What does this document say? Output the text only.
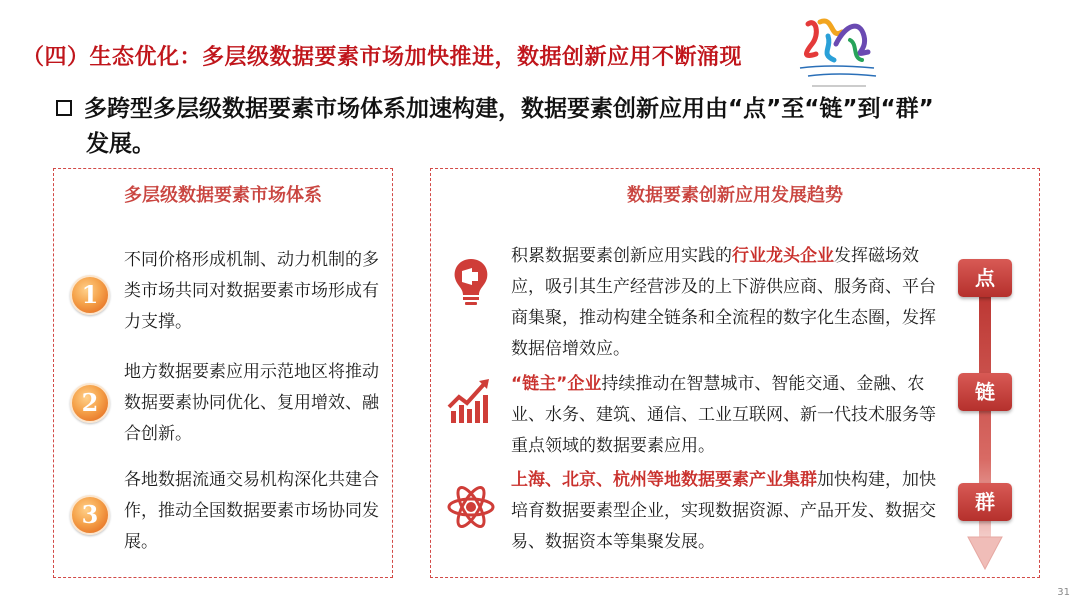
（四）生态优化：多层级数据要素市场加快推进，数据创新应用不断涌现
多跨型多层级数据要素市场体系加速构建，数据要素创新应用由“点”至“链”到“群”
发展。
多层级数据要素市场体系
1
不同价格形成机制、动力机制的多类市场共同对数据要素市场形成有力支撑。
2
地方数据要素应用示范地区将推动数据要素协同优化、复用增效、融合创新。
3
各地数据流通交易机构深化共建合作，推动全国数据要素市场协同发展。
数据要素创新应用发展趋势
积累数据要素创新应用实践的行业龙头企业发挥磁场效应，吸引其生产经营涉及的上下游供应商、服务商、平台商集聚，推动构建全链条和全流程的数字化生态圈，发挥数据倍增效应。
“链主”企业持续推动在智慧城市、智能交通、金融、农业、水务、建筑、通信、工业互联网、新一代技术服务等重点领域的数据要素应用。
上海、北京、杭州等地数据要素产业集群加快构建，加快培育数据要素型企业，实现数据资源、产品开发、数据交易、数据资本等集聚发展。
点
链
群
31
